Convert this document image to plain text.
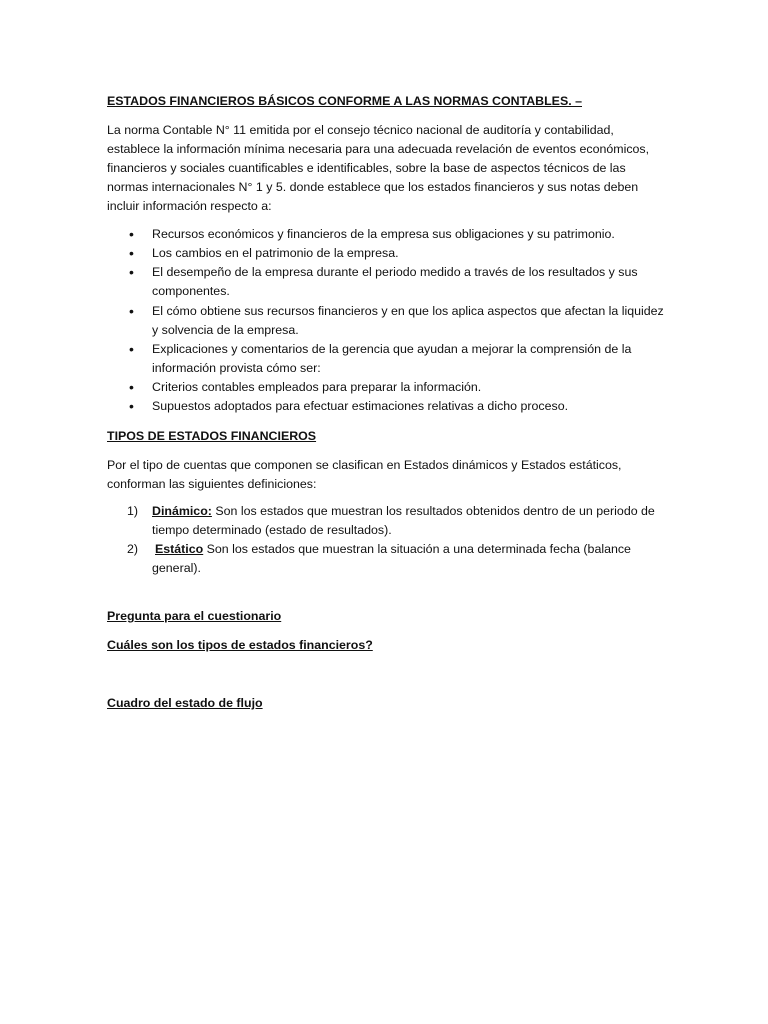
ESTADOS FINANCIEROS BÁSICOS CONFORME A LAS NORMAS CONTABLES. –

La norma Contable N° 11 emitida por el consejo técnico nacional de auditoría y contabilidad, establece la información mínima necesaria para una adecuada revelación de eventos económicos, financieros y sociales cuantificables e identificables, sobre la base de aspectos técnicos de las normas internacionales N° 1 y 5. donde establece que los estados financieros y sus notas deben incluir información respecto a:

• Recursos económicos y financieros de la empresa sus obligaciones y su patrimonio.
• Los cambios en el patrimonio de la empresa.
• El desempeño de la empresa durante el periodo medido a través de los resultados y sus componentes.
• El cómo obtiene sus recursos financieros y en que los aplica aspectos que afectan la liquidez y solvencia de la empresa.
• Explicaciones y comentarios de la gerencia que ayudan a mejorar la comprensión de la información provista cómo ser:
• Criterios contables empleados para preparar la información.
• Supuestos adoptados para efectuar estimaciones relativas a dicho proceso.

TIPOS DE ESTADOS FINANCIEROS

Por el tipo de cuentas que componen se clasifican en Estados dinámicos y Estados estáticos, conforman las siguientes definiciones:

1) Dinámico: Son los estados que muestran los resultados obtenidos dentro de un periodo de tiempo determinado (estado de resultados).
2) Estático Son los estados que muestran la situación a una determinada fecha (balance general).

Pregunta para el cuestionario

Cuáles son los tipos de estados financieros?

Cuadro del estado de flujo
